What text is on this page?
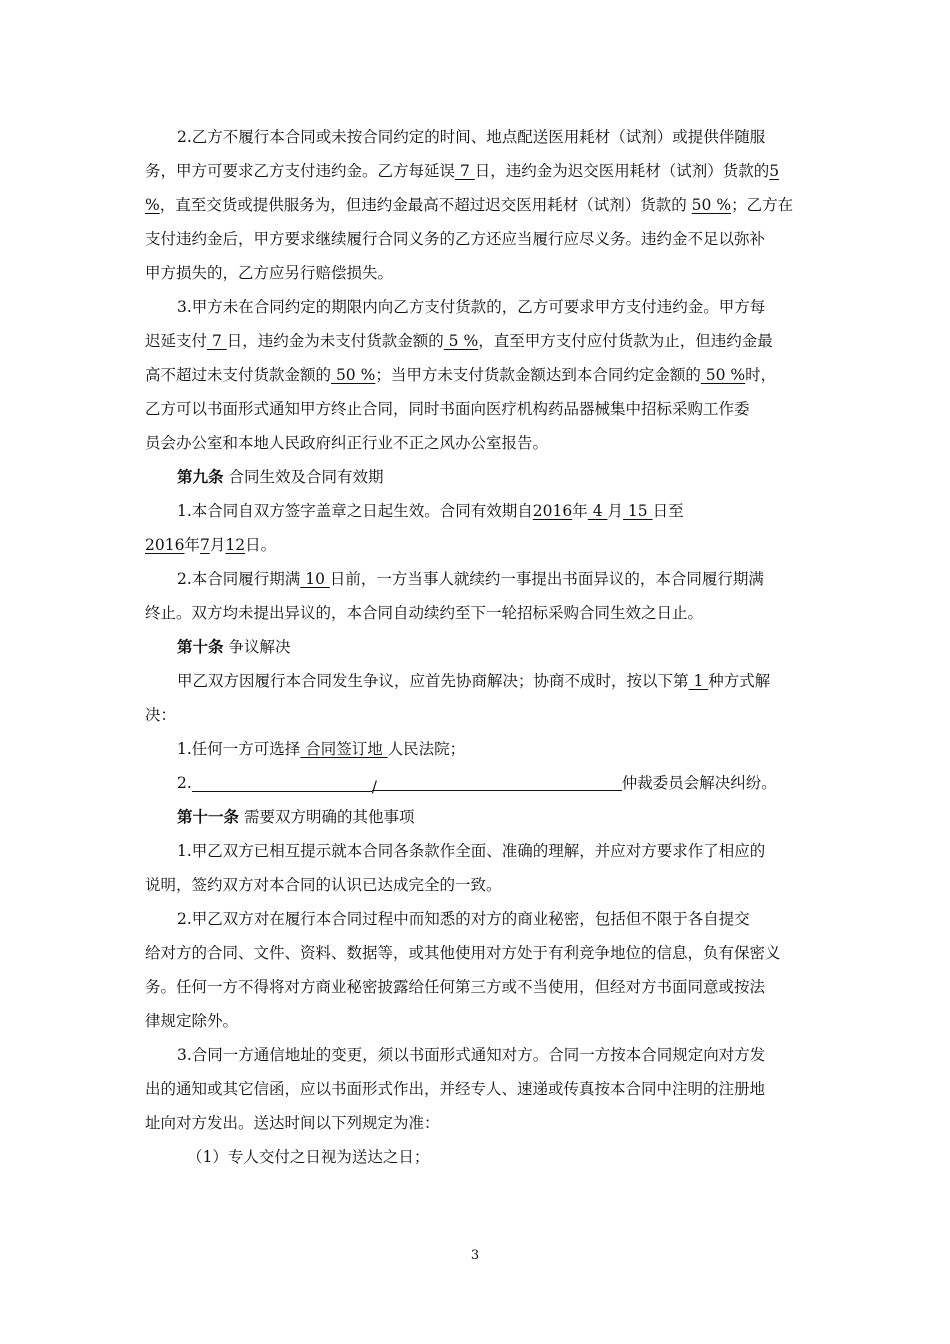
2.乙方不履行本合同或未按合同约定的时间、地点配送医用耗材（试剂）或提供伴随服
务，甲方可要求乙方支付违约金。乙方每延误 7 日，违约金为迟交医用耗材（试剂）货款的5
%，直至交货或提供服务为，但违约金最高不超过迟交医用耗材（试剂）货款的 50 %；乙方在
支付违约金后，甲方要求继续履行合同义务的乙方还应当履行应尽义务。违约金不足以弥补
甲方损失的，乙方应另行赔偿损失。
3.甲方未在合同约定的期限内向乙方支付货款的，乙方可要求甲方支付违约金。甲方每
迟延支付 7 日，违约金为未支付货款金额的 5 %，直至甲方支付应付货款为止，但违约金最
高不超过未支付货款金额的 50 %；当甲方未支付货款金额达到本合同约定金额的 50 %时，
乙方可以书面形式通知甲方终止合同，同时书面向医疗机构药品器械集中招标采购工作委
员会办公室和本地人民政府纠正行业不正之风办公室报告。
第九条 合同生效及合同有效期
1.本合同自双方签字盖章之日起生效。合同有效期自2016年 4 月 15 日至
2016年7月12日。
2.本合同履行期满 10 日前，一方当事人就续约一事提出书面异议的，本合同履行期满
终止。双方均未提出异议的，本合同自动续约至下一轮招标采购合同生效之日止。
第十条 争议解决
甲乙双方因履行本合同发生争议，应首先协商解决；协商不成时，按以下第 1 种方式解
决：
1.任何一方可选择 合同签订地 人民法院；
2.	/	仲裁委员会解决纠纷。
第十一条 需要双方明确的其他事项
1.甲乙双方已相互提示就本合同各条款作全面、准确的理解，并应对方要求作了相应的
说明，签约双方对本合同的认识已达成完全的一致。
2.甲乙双方对在履行本合同过程中而知悉的对方的商业秘密，包括但不限于各自提交
给对方的合同、文件、资料、数据等，或其他使用对方处于有利竞争地位的信息，负有保密义
务。任何一方不得将对方商业秘密披露给任何第三方或不当使用，但经对方书面同意或按法
律规定除外。
3.合同一方通信地址的变更，须以书面形式通知对方。合同一方按本合同规定向对方发
出的通知或其它信函，应以书面形式作出，并经专人、速递或传真按本合同中注明的注册地
址向对方发出。送达时间以下列规定为准：
（1）专人交付之日视为送达之日；
3
